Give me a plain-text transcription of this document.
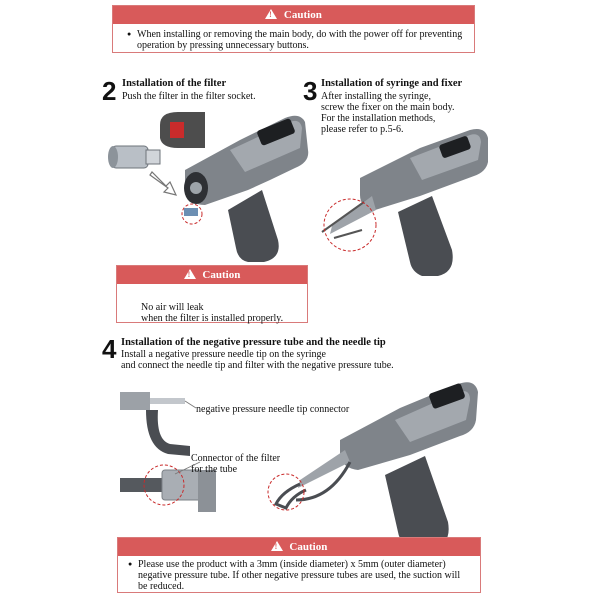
! Caution
● When installing or removing the main body, do with the power off for preventing operation by pressing unnecessary buttons.
2 Installation of the filter
Push the filter in the filter socket. 3 Installation of syringe and fixer
After installing the syringe,
screw the fixer on the main body.
For the installation methods,
please refer to p.5-6.
! Caution

No air will leak
when the filter is installed properly.

4 Installation of the negative pressure tube and the needle tip
Install a negative pressure needle tip on the syringe
and connect the needle tip and filter with the negative pressure tube.
negative pressure needle tip connector
Connector of the filter
for the tube
! Caution
● Please use the product with a 3mm (inside diameter) x 5mm (outer diameter) negative pressure tube. If other negative pressure tubes are used, the suction will be reduced.
